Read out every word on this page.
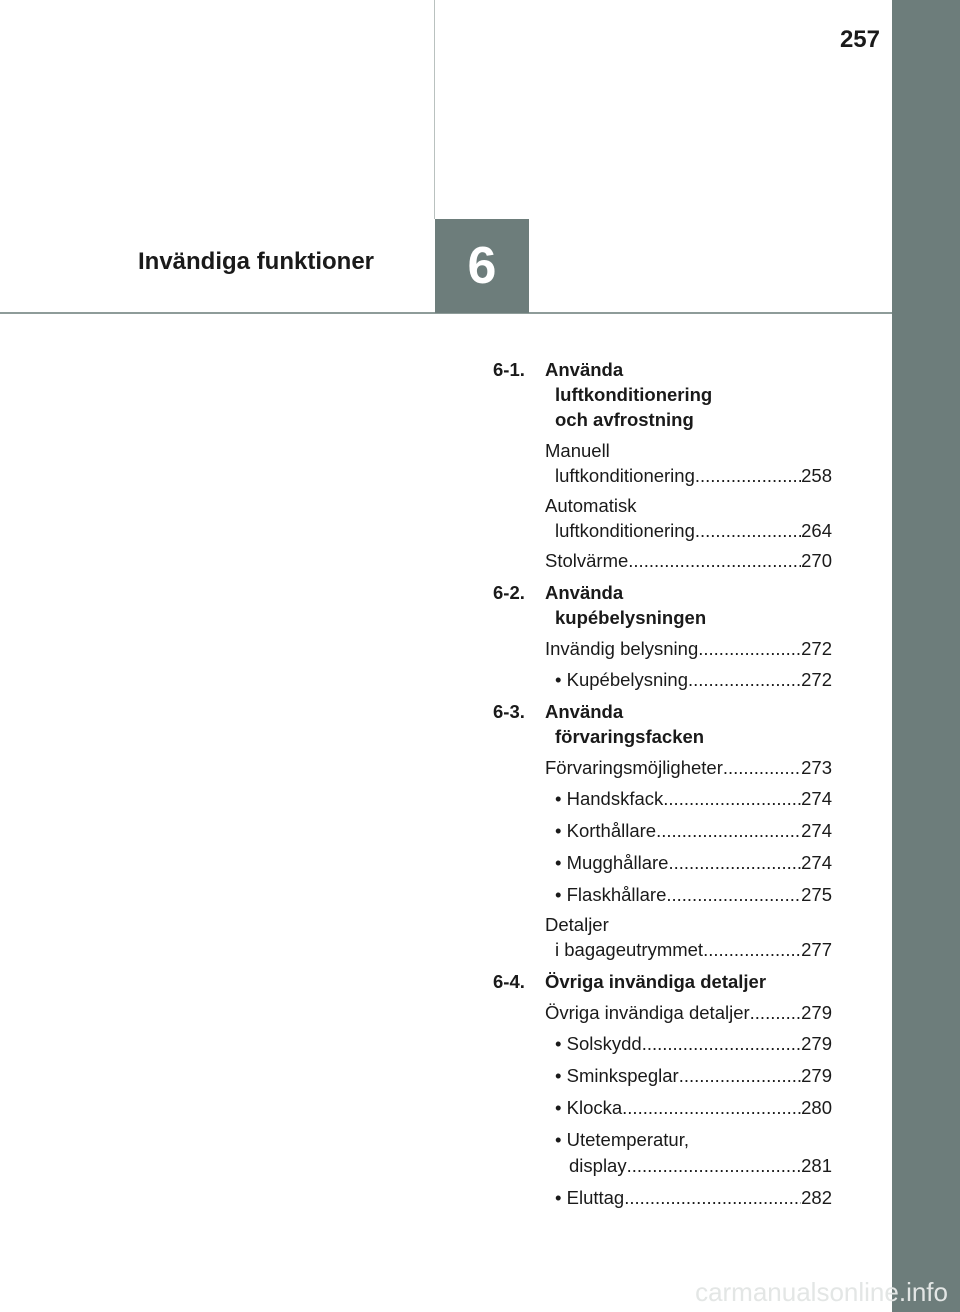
257
Invändiga funktioner 6
6-1. Använda
luftkonditionering
och avfrostning
Manuell
luftkonditionering .....	258
Automatisk
luftkonditionering .....	264
Stolvärme .....	270
6-2. Använda
kupébelysningen
Invändig belysning .....	272
• Kupébelysning .....	272
6-3. Använda
förvaringsfacken
Förvaringsmöjligheter .....	273
• Handskfack .....	274
• Korthållare .....	274
• Mugghållare .....	274
• Flaskhållare .....	275
Detaljer
i bagageutrymmet .....	277
6-4. Övriga invändiga detaljer
Övriga invändiga detaljer .....	279
• Solskydd .....	279
• Sminkspeglar .....	279
• Klocka .....	280
• Utetemperatur,
display .....	281
• Eluttag .....	282
carmanualsonline.info
